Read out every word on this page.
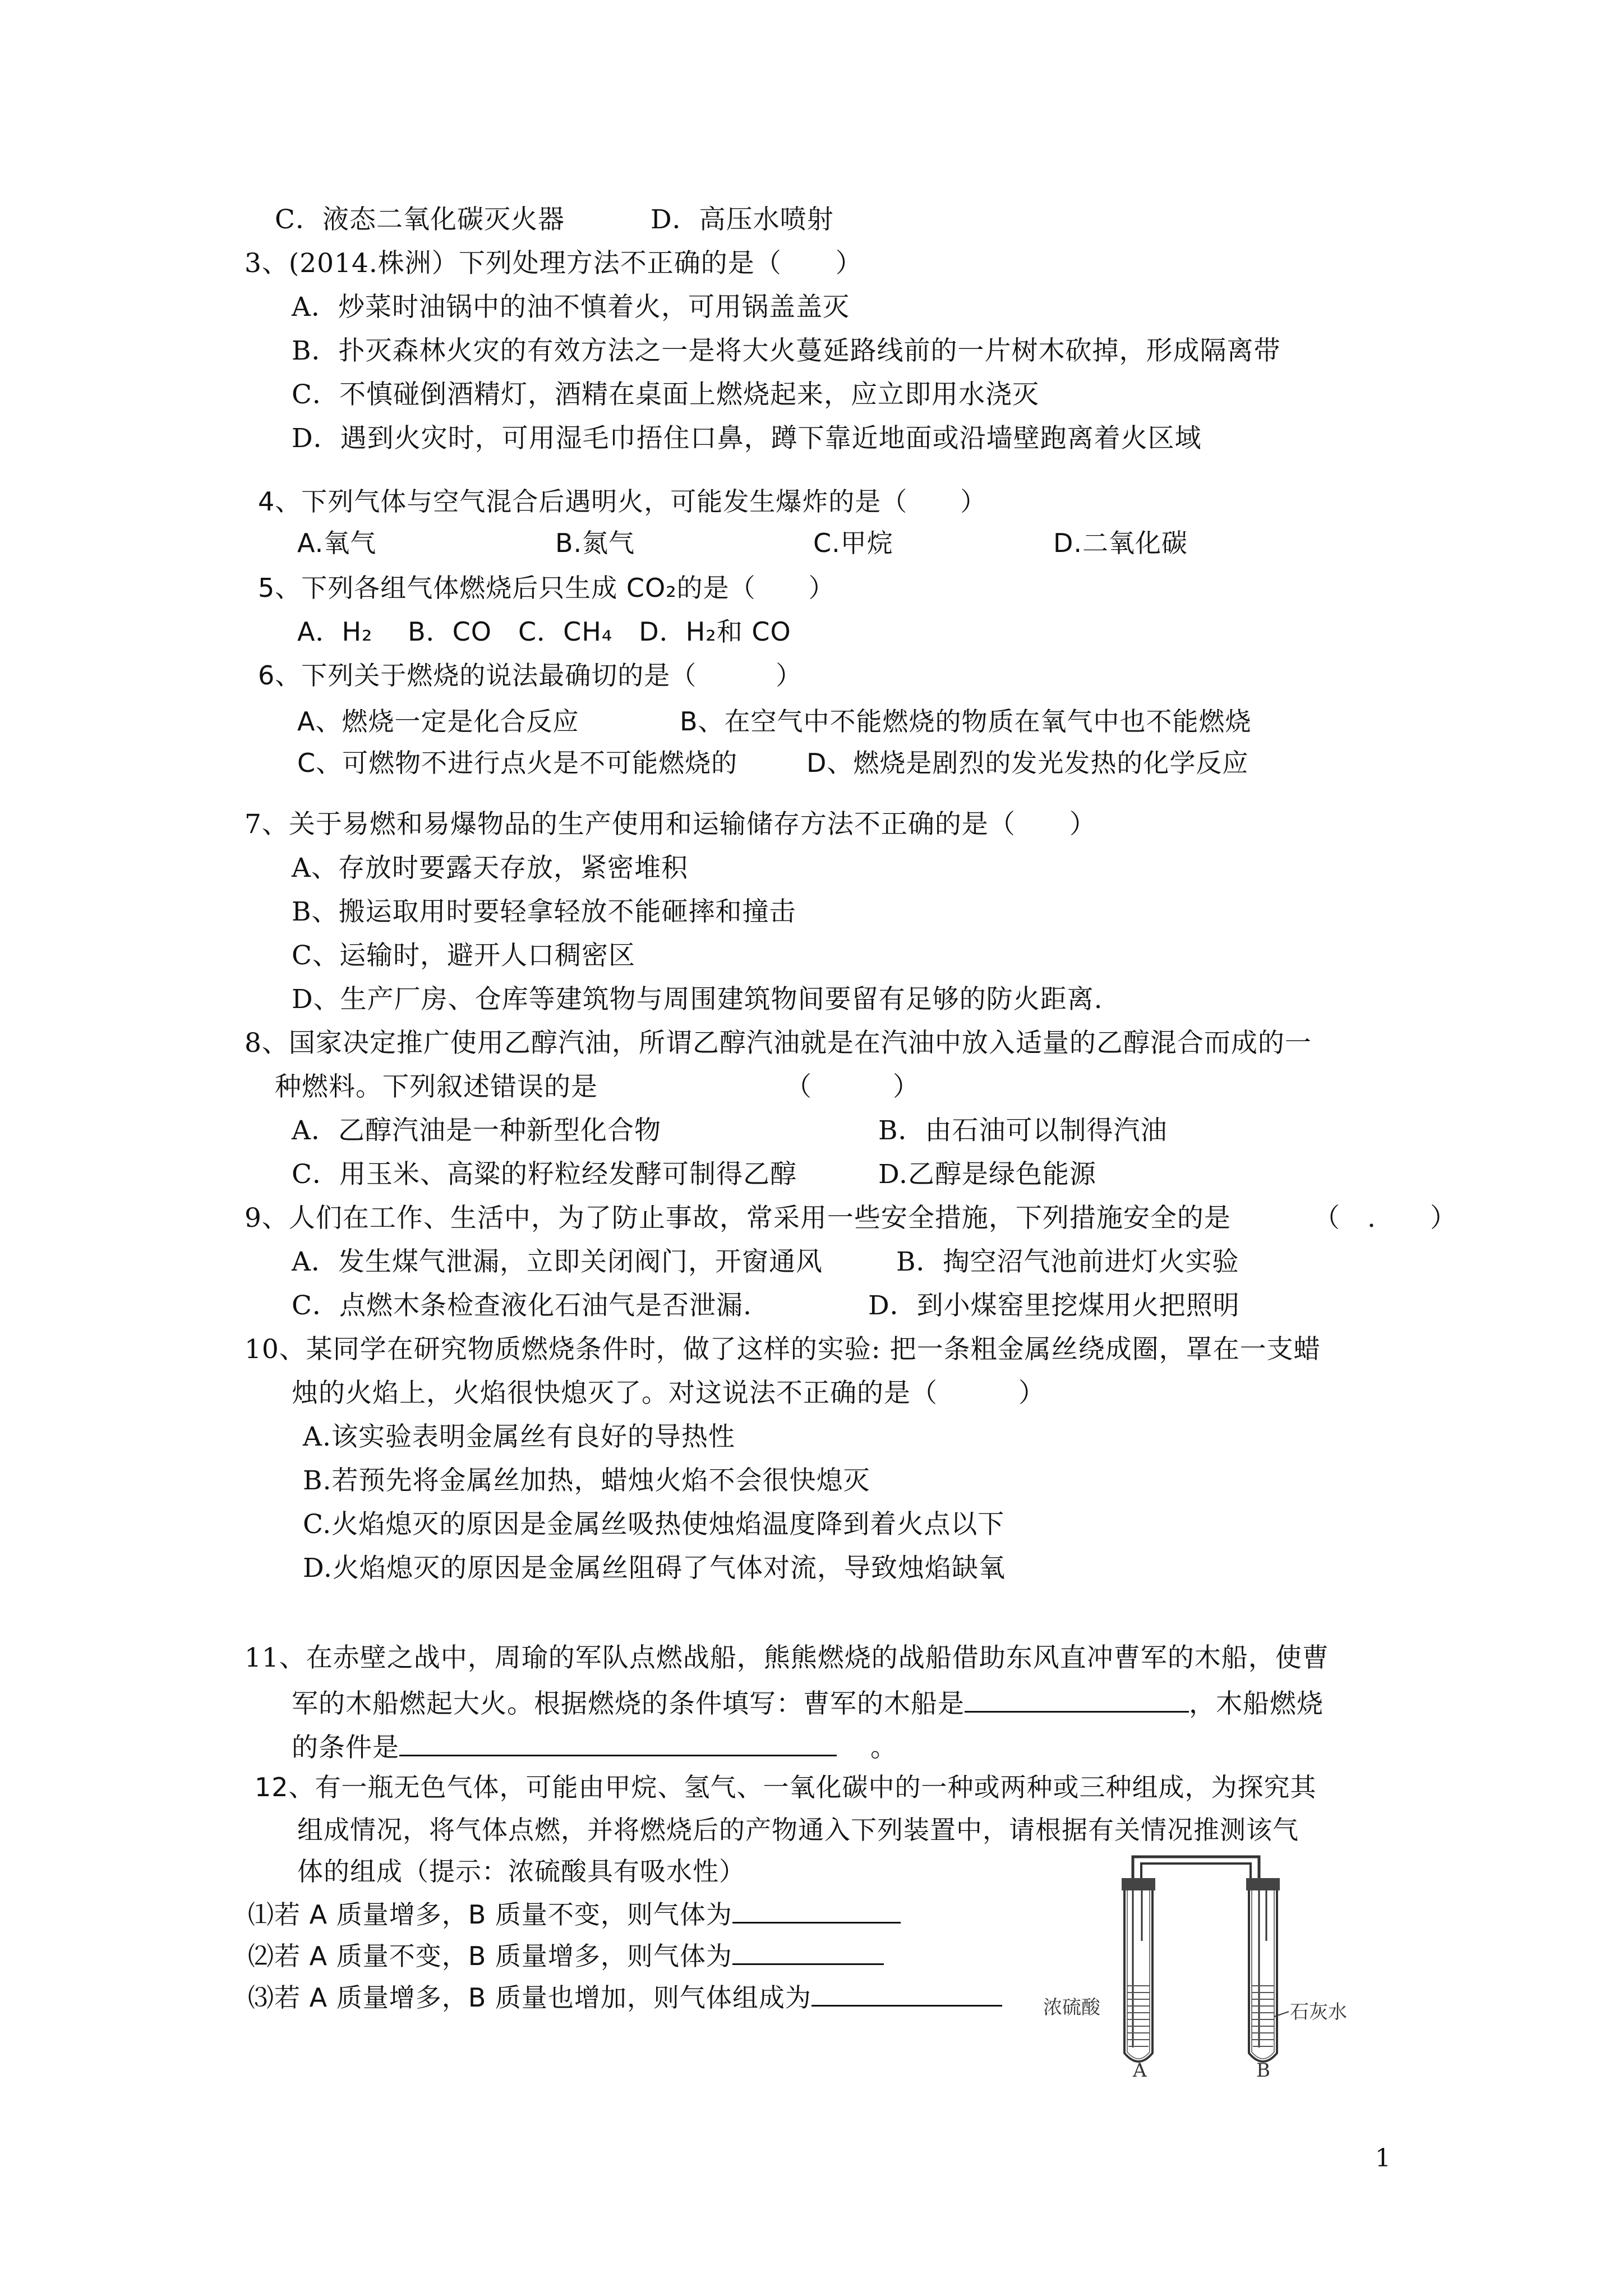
C．液态二氧化碳灭火器	D．高压水喷射
3、(2014.株洲）下列处理方法不正确的是（　　）
A．炒菜时油锅中的油不慎着火，可用锅盖盖灭
B．扑灭森林火灾的有效方法之一是将大火蔓延路线前的一片树木砍掉，形成隔离带
C．不慎碰倒酒精灯，酒精在桌面上燃烧起来，应立即用水浇灭
D．遇到火灾时，可用湿毛巾捂住口鼻，蹲下靠近地面或沿墙壁跑离着火区域
4、下列气体与空气混合后遇明火，可能发生爆炸的是（　　）
A.氧气	B.氮气	C.甲烷	D.二氧化碳
5、下列各组气体燃烧后只生成 CO₂的是（　　）
A．H₂　 B．CO　C．CH₄　D．H₂和 CO
6、下列关于燃烧的说法最确切的是（　　　）
A、燃烧一定是化合反应	B、在空气中不能燃烧的物质在氧气中也不能燃烧
C、可燃物不进行点火是不可能燃烧的	D、燃烧是剧烈的发光发热的化学反应
7、关于易燃和易爆物品的生产使用和运输储存方法不正确的是（　　）
A、存放时要露天存放，紧密堆积
B、搬运取用时要轻拿轻放不能砸摔和撞击
C、运输时，避开人口稠密区
D、生产厂房、仓库等建筑物与周围建筑物间要留有足够的防火距离.
8、国家决定推广使用乙醇汽油，所谓乙醇汽油就是在汽油中放入适量的乙醇混合而成的一
种燃料。下列叙述错误的是	（　　　）
A．乙醇汽油是一种新型化合物	B．由石油可以制得汽油
C．用玉米、高粱的籽粒经发酵可制得乙醇	D.乙醇是绿色能源
9、人们在工作、生活中，为了防止事故，常采用一些安全措施，下列措施安全的是	（　.　　）
A．发生煤气泄漏，立即关闭阀门，开窗通风	B．掏空沼气池前进灯火实验
C．点燃木条检查液化石油气是否泄漏.	D．到小煤窑里挖煤用火把照明
10、某同学在研究物质燃烧条件时，做了这样的实验: 把一条粗金属丝绕成圈，罩在一支蜡
烛的火焰上，火焰很快熄灭了。对这说法不正确的是（　　　）
A.该实验表明金属丝有良好的导热性
B.若预先将金属丝加热，蜡烛火焰不会很快熄灭
C.火焰熄灭的原因是金属丝吸热使烛焰温度降到着火点以下
D.火焰熄灭的原因是金属丝阻碍了气体对流，导致烛焰缺氧
11、在赤壁之战中，周瑜的军队点燃战船，熊熊燃烧的战船借助东风直冲曹军的木船，使曹
军的木船燃起大火。根据燃烧的条件填写：曹军的木船是	，木船燃烧
的条件是	。
12、有一瓶无色气体，可能由甲烷、氢气、一氧化碳中的一种或两种或三种组成，为探究其
组成情况，将气体点燃，并将燃烧后的产物通入下列装置中，请根据有关情况推测该气
体的组成（提示：浓硫酸具有吸水性）
⑴若 A 质量增多，B 质量不变，则气体为
⑵若 A 质量不变，B 质量增多，则气体为
⑶若 A 质量增多，B 质量也增加，则气体组成为	浓硫酸	石灰水
A	B
1
